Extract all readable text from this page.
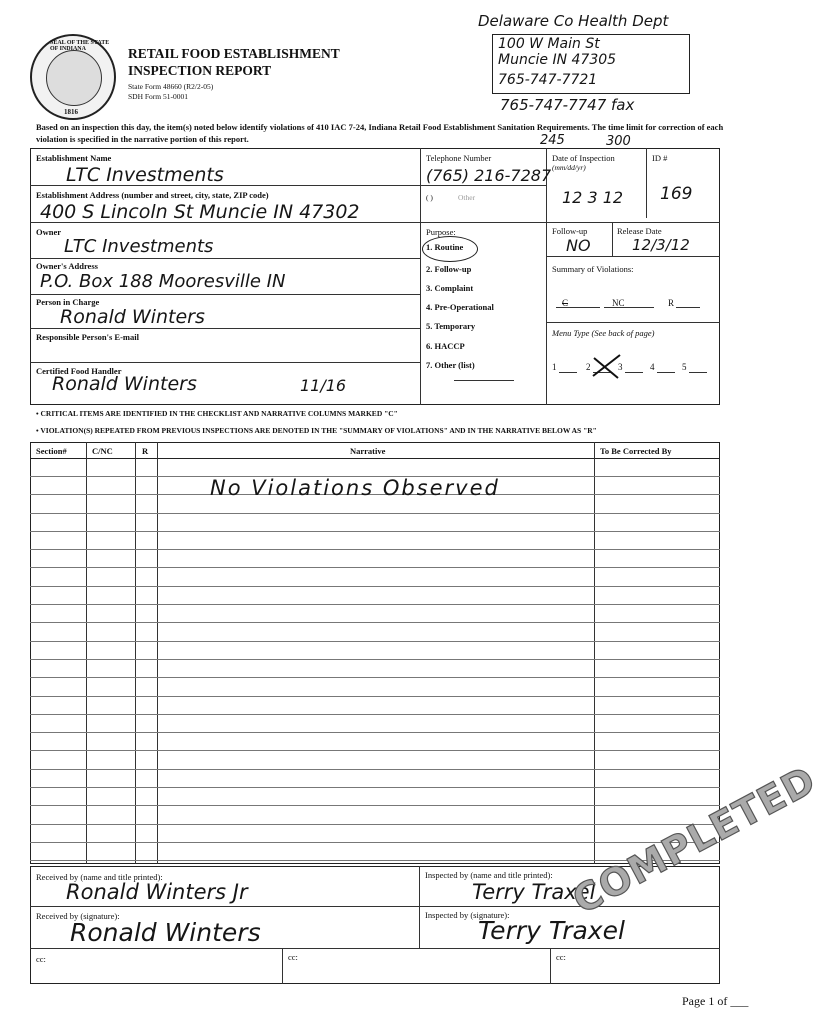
SEAL OF THE STATE OF INDIANA
1816
RETAIL FOOD ESTABLISHMENT
INSPECTION REPORT
State Form 48660 (R2/2-05)
SDH Form 51-0001
Delaware Co Health Dept
100 W Main St
Muncie IN 47305
765-747-7721
765-747-7747 fax
Based on an inspection this day, the item(s) noted below identify violations of 410 IAC 7-24, Indiana Retail Food Establishment Sanitation Requirements. The time limit for correction of each violation is specified in the narrative portion of this report.	245	300
Establishment Name
LTC Investments
Establishment Address (number and street, city, state, ZIP code)
400 S Lincoln St Muncie IN 47302
Owner
LTC Investments
Owner's Address
P.O. Box 188 Mooresville IN
Person in Charge
Ronald Winters
Responsible Person's E-mail
Certified Food Handler
Ronald Winters	11/16
Telephone Number
(765) 216-7287
( )	Other
Purpose:
1. Routine
2. Follow-up
3. Complaint
4. Pre-Operational
5. Temporary
6. HACCP
7. Other (list)
Date of Inspection
(mm/dd/yr)
12 3 12
ID #
169
Follow-up
NO
Release Date
12/3/12
Summary of Violations:
C	NC	R
Menu Type (See back of page)
1	2	3	4	5
• CRITICAL ITEMS ARE IDENTIFIED IN THE CHECKLIST AND NARRATIVE COLUMNS MARKED "C"
• VIOLATION(S) REPEATED FROM PREVIOUS INSPECTIONS ARE DENOTED IN THE "SUMMARY OF VIOLATIONS" AND IN THE NARRATIVE BELOW AS "R"
Section#	C/NC	R	Narrative	To Be Corrected By
No Violations Observed
Received by (name and title printed):
Ronald Winters Jr
Received by (signature):
Ronald Winters
Inspected by (name and title printed):
Terry Traxel
Inspected by (signature):
Terry Traxel
cc:	cc:	cc:
COMPLETED
Page 1 of ___
